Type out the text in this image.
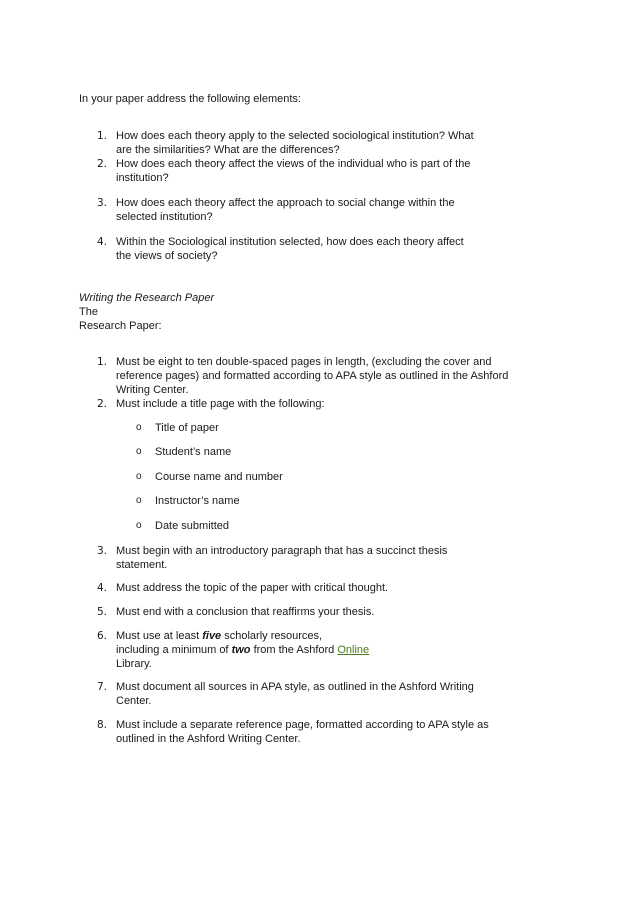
In your paper address the following elements:
1. How does each theory apply to the selected sociological institution? What
are the similarities? What are the differences?
2. How does each theory affect the views of the individual who is part of the
institution?
3. How does each theory affect the approach to social change within the
selected institution?
4. Within the Sociological institution selected, how does each theory affect
the views of society?
Writing the Research Paper
The
Research Paper:
1. Must be eight to ten double-spaced pages in length, (excluding the cover and
reference pages) and formatted according to APA style as outlined in the Ashford
Writing Center.
2. Must include a title page with the following:
o Title of paper
o Student’s name
o Course name and number
o Instructor’s name
o Date submitted
3. Must begin with an introductory paragraph that has a succinct thesis
statement.
4. Must address the topic of the paper with critical thought.
5. Must end with a conclusion that reaffirms your thesis.
6. Must use at least five scholarly resources,
including a minimum of two from the Ashford Online
Library.
7. Must document all sources in APA style, as outlined in the Ashford Writing
Center.
8. Must include a separate reference page, formatted according to APA style as
outlined in the Ashford Writing Center.
